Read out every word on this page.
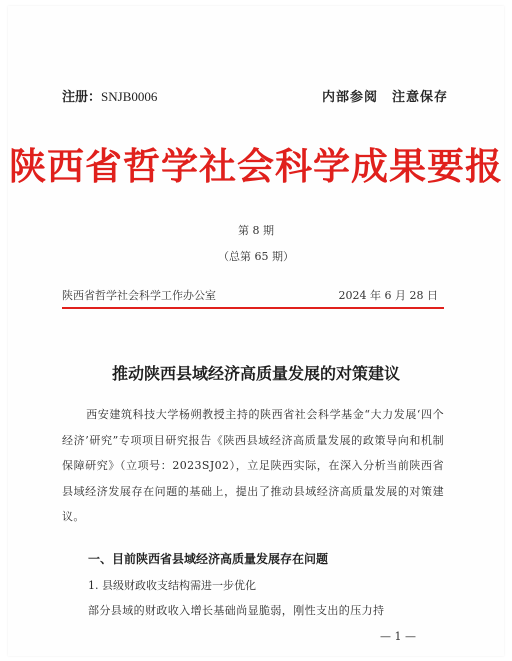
注册：SNJB0006	内部参阅　注意保存
陕西省哲学社会科学成果要报
第 8 期
（总第 65 期）
陕西省哲学社会科学工作办公室	2024 年 6 月 28 日
推动陕西县域经济高质量发展的对策建议
西安建筑科技大学杨朔教授主持的陕西省社会科学基金“大力发展‘四个经济’研究”专项项目研究报告《陕西县域经济高质量发展的政策导向和机制保障研究》（立项号：2023SJ02），立足陕西实际，在深入分析当前陕西省县域经济发展存在问题的基础上，提出了推动县域经济高质量发展的对策建议。
一、目前陕西省县域经济高质量发展存在问题
1. 县级财政收支结构需进一步优化
部分县域的财政收入增长基础尚显脆弱，刚性支出的压力持
— 1 —
